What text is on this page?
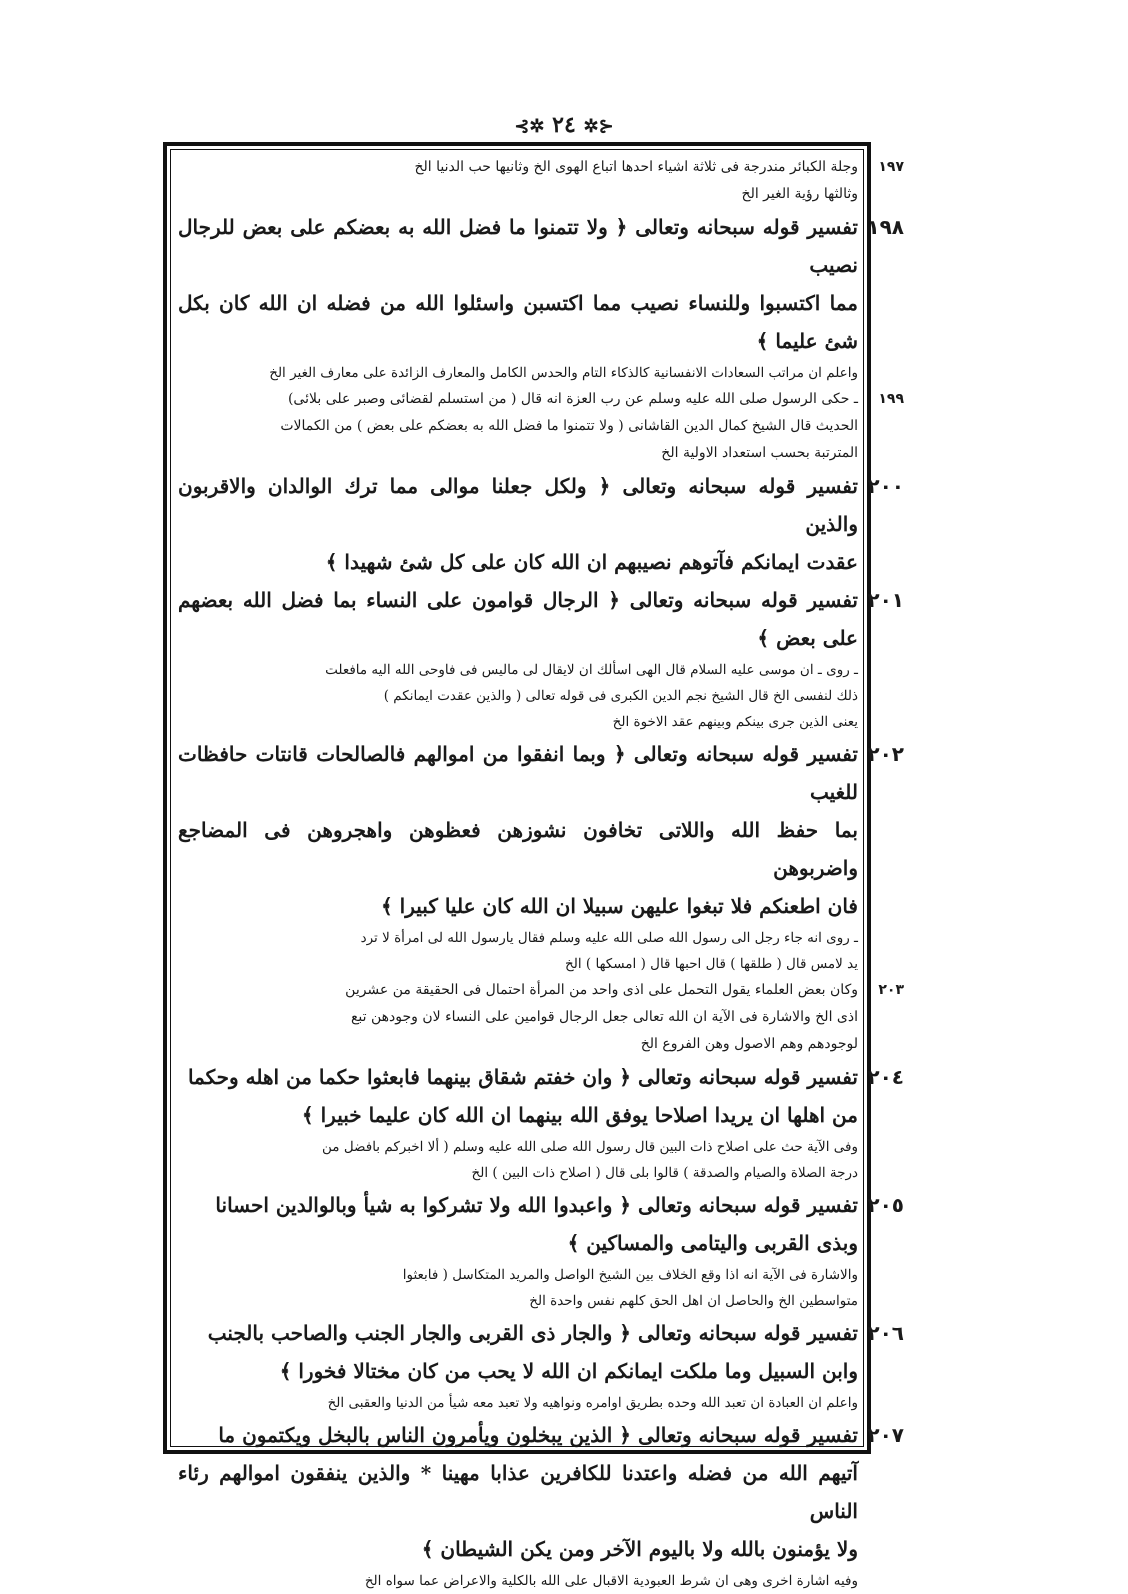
⊰✲ ٢٤ ✲⊱
١٩٧
وجلة الكبائر مندرجة فى ثلاثة اشياء احدها اتباع الهوى الخ وثانيها حب الدنيا الخ
وثالثها رؤية الغير الخ
١٩٨
تفسير قوله سبحانه وتعالى ﴿ ولا تتمنوا ما فضل الله به بعضكم على بعض للرجال نصيب
مما اكتسبوا وللنساء نصيب مما اكتسبن واسئلوا الله من فضله ان الله كان بكل شئ عليما ﴾
واعلم ان مراتب السعادات الانفسانية كالذكاء التام والحدس الكامل والمعارف الزائدة على معارف الغير الخ
١٩٩
ـ حكى الرسول صلى الله عليه وسلم عن رب العزة انه قال ( من استسلم لقضائى وصبر على بلائى)
الحديث قال الشيخ كمال الدين القاشانى ( ولا تتمنوا ما فضل الله به بعضكم على بعض ) من الكمالات
المترتبة بحسب استعداد الاولية الخ
٢٠٠
تفسير قوله سبحانه وتعالى ﴿ ولكل جعلنا موالى مما ترك الوالدان والاقربون والذين
عقدت ايمانكم فآتوهم نصيبهم ان الله كان على كل شئ شهيدا ﴾
٢٠١
تفسير قوله سبحانه وتعالى ﴿ الرجال قوامون على النساء بما فضل الله بعضهم على بعض ﴾
ـ روى ـ ان موسى عليه السلام قال الهى اسألك ان لايقال لى ماليس فى فاوحى الله اليه مافعلت
ذلك لنفسى الخ قال الشيخ نجم الدين الكبرى فى قوله تعالى ( والذين عقدت ايمانكم )
يعنى الذين جرى بينكم وبينهم عقد الاخوة الخ
٢٠٢
تفسير قوله سبحانه وتعالى ﴿ وبما انفقوا من اموالهم فالصالحات قانتات حافظات للغيب
بما حفظ الله واللاتى تخافون نشوزهن فعظوهن واهجروهن فى المضاجع واضربوهن
فان اطعنكم فلا تبغوا عليهن سبيلا ان الله كان عليا كبيرا ﴾
ـ روى انه جاء رجل الى رسول الله صلى الله عليه وسلم فقال يارسول الله لى امرأة لا ترد
يد لامس قال ( طلقها ) قال احبها قال ( امسكها ) الخ
٢٠٣
وكان بعض العلماء يقول التحمل على اذى واحد من المرأة احتمال فى الحقيقة من عشرين
اذى الخ والاشارة فى الآية ان الله تعالى جعل الرجال قوامين على النساء لان وجودهن تبع
لوجودهم وهم الاصول وهن الفروع الخ
٢٠٤
تفسير قوله سبحانه وتعالى ﴿ وان خفتم شقاق بينهما فابعثوا حكما من اهله وحكما
من اهلها ان يريدا اصلاحا يوفق الله بينهما ان الله كان عليما خبيرا ﴾
وفى الآية حث على اصلاح ذات البين قال رسول الله صلى الله عليه وسلم ( ألا اخبركم بافضل من
درجة الصلاة والصيام والصدقة ) قالوا بلى قال ( اصلاح ذات البين ) الخ
٢٠٥
تفسير قوله سبحانه وتعالى ﴿ واعبدوا الله ولا تشركوا به شيأ وبالوالدين احسانا
وبذى القربى واليتامى والمساكين ﴾
والاشارة فى الآية انه اذا وقع الخلاف بين الشيخ الواصل والمريد المتكاسل ( فابعثوا
متواسطين الخ والحاصل ان اهل الحق كلهم نفس واحدة الخ
٢٠٦
تفسير قوله سبحانه وتعالى ﴿ والجار ذى القربى والجار الجنب والصاحب بالجنب
وابن السبيل وما ملكت ايمانكم ان الله لا يحب من كان مختالا فخورا ﴾
واعلم ان العبادة ان تعبد الله وحده بطريق اوامره ونواهيه ولا تعبد معه شيأ من الدنيا والعقبى الخ
٢٠٧
تفسير قوله سبحانه وتعالى ﴿ الذين يبخلون ويأمرون الناس بالبخل ويكتمون ما
آتيهم الله من فضله واعتدنا للكافرين عذابا مهينا * والذين ينفقون اموالهم رئاء الناس
ولا يؤمنون بالله ولا باليوم الآخر ومن يكن الشيطان ﴾
وفيه اشارة اخرى وهى ان شرط العبودية الاقبال على الله بالكلية والاعراض عما سواه الخ
